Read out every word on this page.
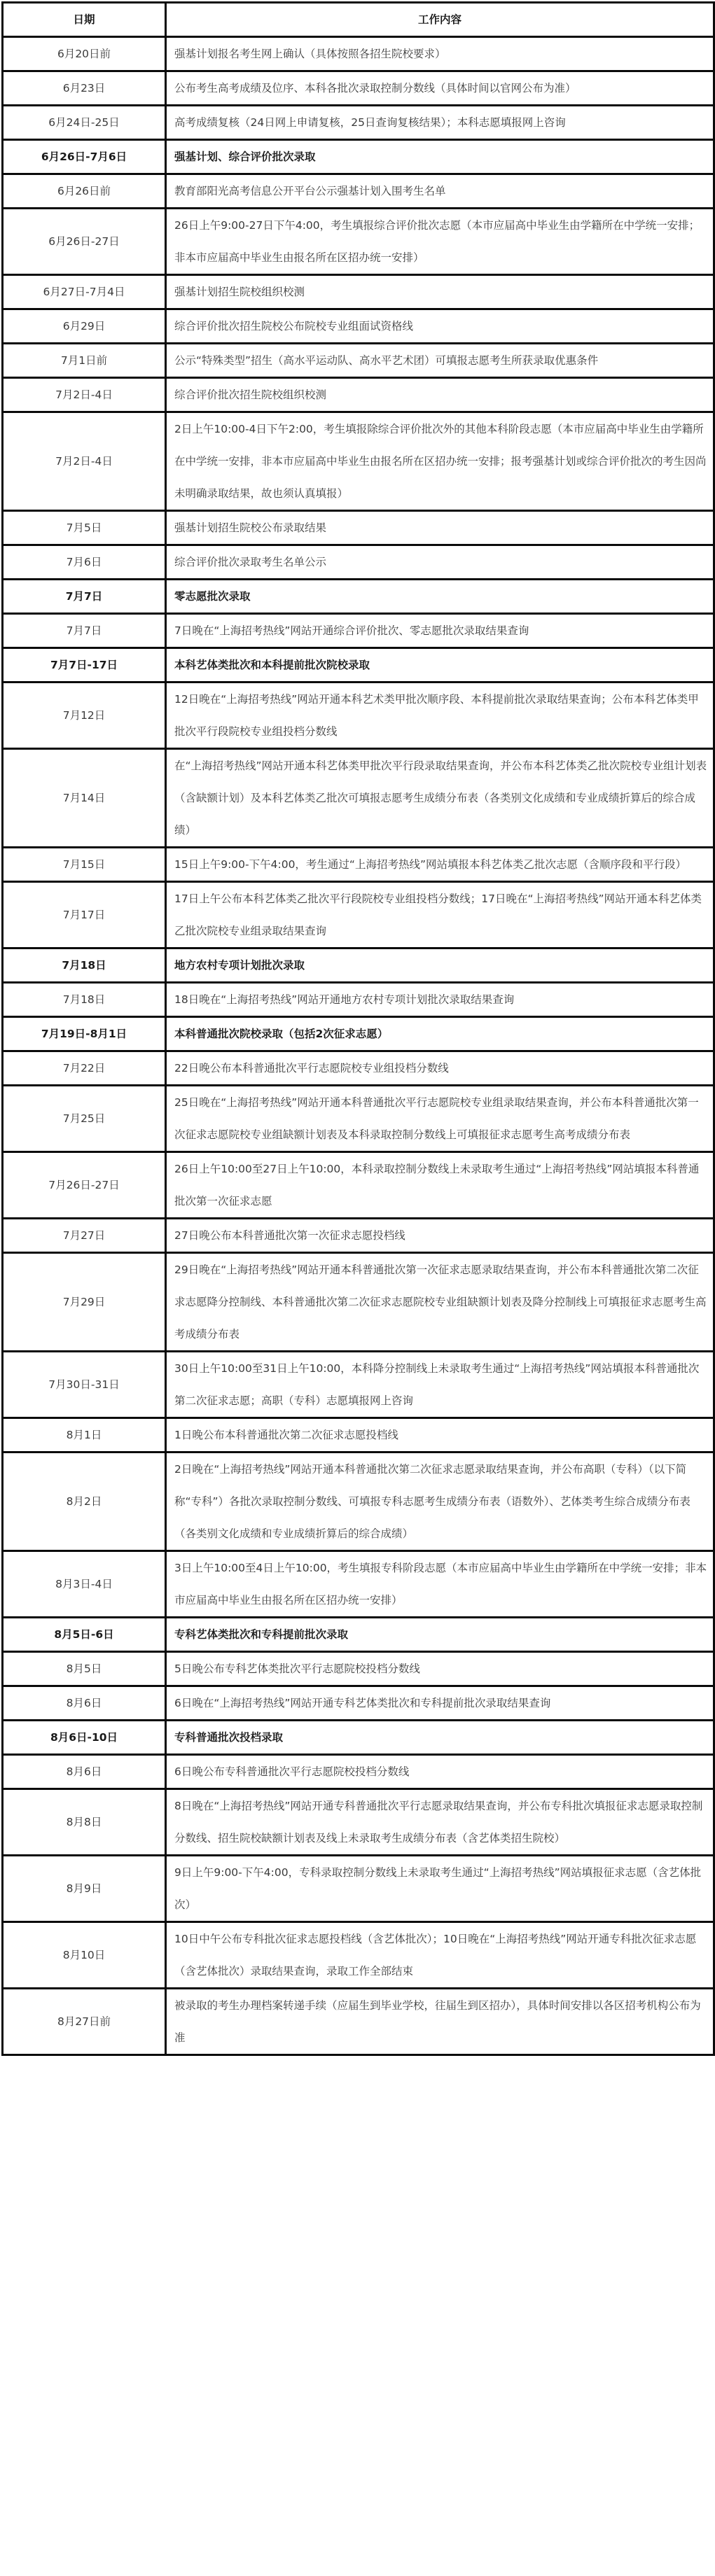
日期	工作内容
6月20日前	强基计划报名考生网上确认（具体按照各招生院校要求）
6月23日	公布考生高考成绩及位序、本科各批次录取控制分数线（具体时间以官网公布为准）
6月24日-25日	高考成绩复核（24日网上申请复核，25日查询复核结果）；本科志愿填报网上咨询
6月26日-7月6日	强基计划、综合评价批次录取
6月26日前	教育部阳光高考信息公开平台公示强基计划入围考生名单
6月26日-27日	26日上午9:00-27日下午4:00，考生填报综合评价批次志愿（本市应届高中毕业生由学籍所在中学统一安排；非本市应届高中毕业生由报名所在区招办统一安排）
6月27日-7月4日	强基计划招生院校组织校测
6月29日	综合评价批次招生院校公布院校专业组面试资格线
7月1日前	公示“特殊类型”招生（高水平运动队、高水平艺术团）可填报志愿考生所获录取优惠条件
7月2日-4日	综合评价批次招生院校组织校测
7月2日-4日	2日上午10:00-4日下午2:00，考生填报除综合评价批次外的其他本科阶段志愿（本市应届高中毕业生由学籍所在中学统一安排，非本市应届高中毕业生由报名所在区招办统一安排；报考强基计划或综合评价批次的考生因尚未明确录取结果，故也须认真填报）
7月5日	强基计划招生院校公布录取结果
7月6日	综合评价批次录取考生名单公示
7月7日	零志愿批次录取
7月7日	7日晚在“上海招考热线”网站开通综合评价批次、零志愿批次录取结果查询
7月7日-17日	本科艺体类批次和本科提前批次院校录取
7月12日	12日晚在“上海招考热线”网站开通本科艺术类甲批次顺序段、本科提前批次录取结果查询；公布本科艺体类甲批次平行段院校专业组投档分数线
7月14日	在“上海招考热线”网站开通本科艺体类甲批次平行段录取结果查询，并公布本科艺体类乙批次院校专业组计划表（含缺额计划）及本科艺体类乙批次可填报志愿考生成绩分布表（各类别文化成绩和专业成绩折算后的综合成绩）
7月15日	15日上午9:00-下午4:00，考生通过“上海招考热线”网站填报本科艺体类乙批次志愿（含顺序段和平行段）
7月17日	17日上午公布本科艺体类乙批次平行段院校专业组投档分数线；17日晚在“上海招考热线”网站开通本科艺体类乙批次院校专业组录取结果查询
7月18日	地方农村专项计划批次录取
7月18日	18日晚在“上海招考热线”网站开通地方农村专项计划批次录取结果查询
7月19日-8月1日	本科普通批次院校录取（包括2次征求志愿）
7月22日	22日晚公布本科普通批次平行志愿院校专业组投档分数线
7月25日	25日晚在“上海招考热线”网站开通本科普通批次平行志愿院校专业组录取结果查询，并公布本科普通批次第一次征求志愿院校专业组缺额计划表及本科录取控制分数线上可填报征求志愿考生高考成绩分布表
7月26日-27日	26日上午10:00至27日上午10:00，本科录取控制分数线上未录取考生通过“上海招考热线”网站填报本科普通批次第一次征求志愿
7月27日	27日晚公布本科普通批次第一次征求志愿投档线
7月29日	29日晚在“上海招考热线”网站开通本科普通批次第一次征求志愿录取结果查询，并公布本科普通批次第二次征求志愿降分控制线、本科普通批次第二次征求志愿院校专业组缺额计划表及降分控制线上可填报征求志愿考生高考成绩分布表
7月30日-31日	30日上午10:00至31日上午10:00，本科降分控制线上未录取考生通过“上海招考热线”网站填报本科普通批次第二次征求志愿；高职（专科）志愿填报网上咨询
8月1日	1日晚公布本科普通批次第二次征求志愿投档线
8月2日	2日晚在“上海招考热线”网站开通本科普通批次第二次征求志愿录取结果查询，并公布高职（专科）（以下简称“专科”）各批次录取控制分数线、可填报专科志愿考生成绩分布表（语数外）、艺体类考生综合成绩分布表（各类别文化成绩和专业成绩折算后的综合成绩）
8月3日-4日	3日上午10:00至4日上午10:00，考生填报专科阶段志愿（本市应届高中毕业生由学籍所在中学统一安排；非本市应届高中毕业生由报名所在区招办统一安排）
8月5日-6日	专科艺体类批次和专科提前批次录取
8月5日	5日晚公布专科艺体类批次平行志愿院校投档分数线
8月6日	6日晚在“上海招考热线”网站开通专科艺体类批次和专科提前批次录取结果查询
8月6日-10日	专科普通批次投档录取
8月6日	6日晚公布专科普通批次平行志愿院校投档分数线
8月8日	8日晚在“上海招考热线”网站开通专科普通批次平行志愿录取结果查询，并公布专科批次填报征求志愿录取控制分数线、招生院校缺额计划表及线上未录取考生成绩分布表（含艺体类招生院校）
8月9日	9日上午9:00-下午4:00，专科录取控制分数线上未录取考生通过“上海招考热线”网站填报征求志愿（含艺体批次）
8月10日	10日中午公布专科批次征求志愿投档线（含艺体批次）；10日晚在“上海招考热线”网站开通专科批次征求志愿（含艺体批次）录取结果查询，录取工作全部结束
8月27日前	被录取的考生办理档案转递手续（应届生到毕业学校，往届生到区招办），具体时间安排以各区招考机构公布为准
